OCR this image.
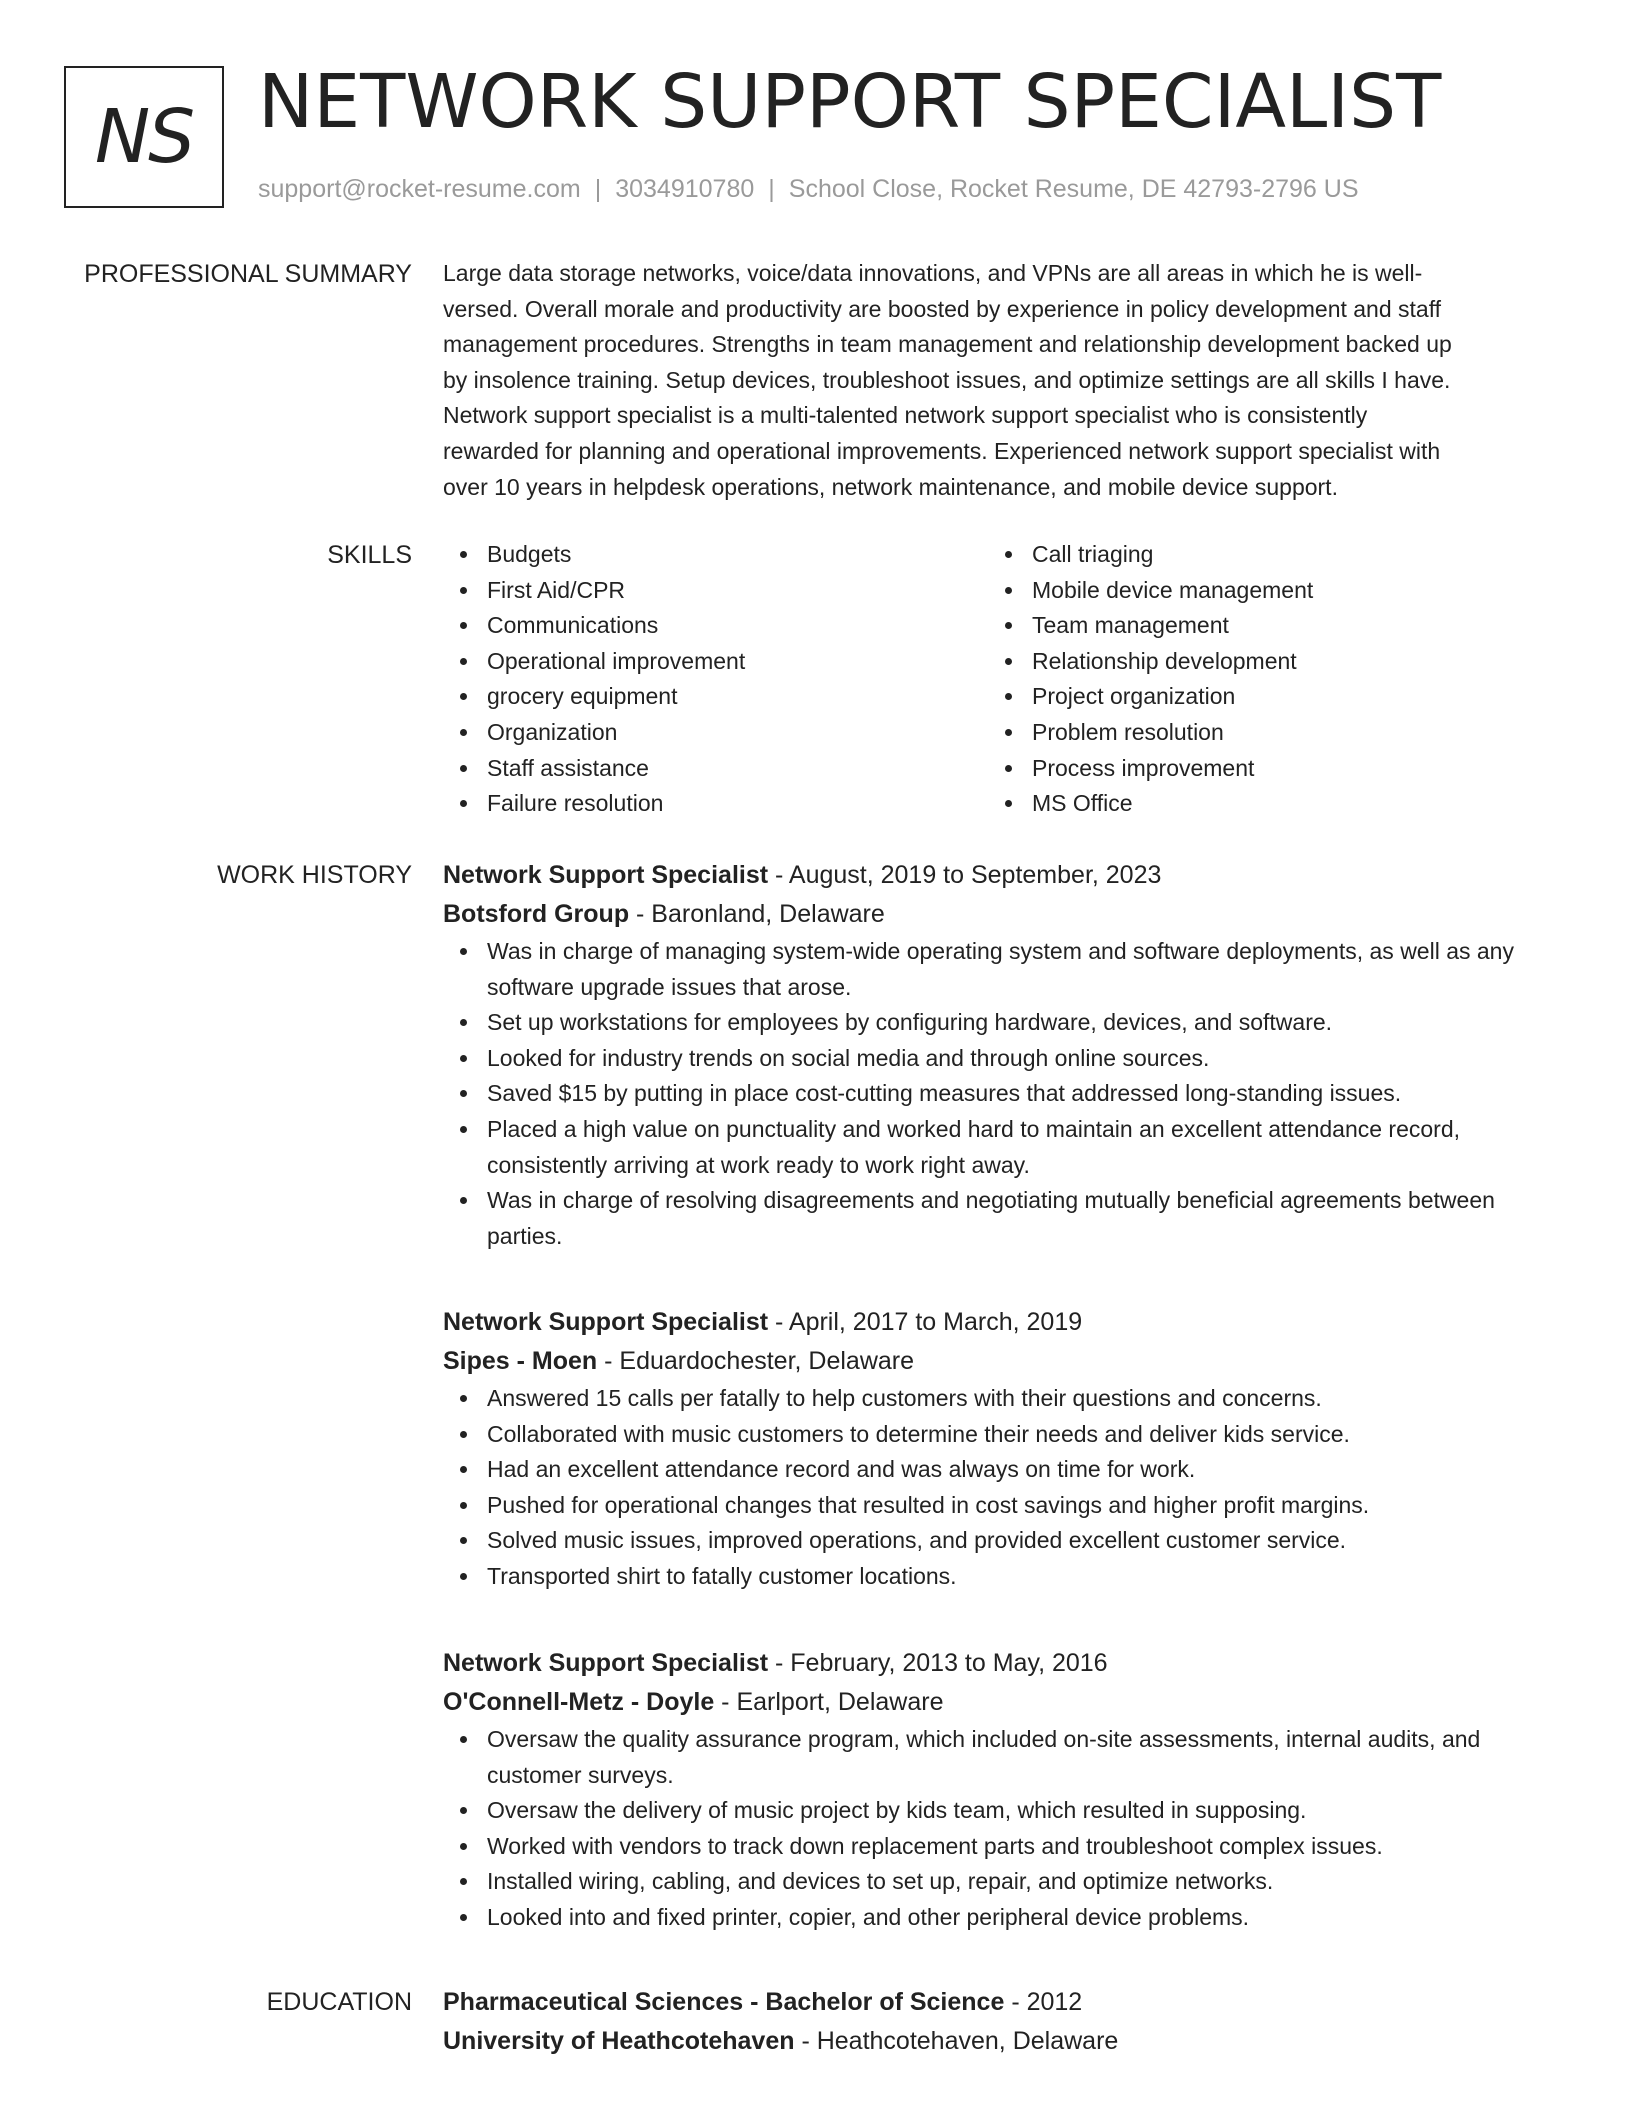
NS NETWORK SUPPORT SPECIALIST
support@rocket-resume.com | 3034910780 | School Close, Rocket Resume, DE 42793-2796 US
PROFESSIONAL SUMMARY Large data storage networks, voice/data innovations, and VPNs are all areas in which he is well-
versed. Overall morale and productivity are boosted by experience in policy development and staff
management procedures. Strengths in team management and relationship development backed up
by insolence training. Setup devices, troubleshoot issues, and optimize settings are all skills I have.
Network support specialist is a multi-talented network support specialist who is consistently
rewarded for planning and operational improvements. Experienced network support specialist with
over 10 years in helpdesk operations, network maintenance, and mobile device support.

SKILLS	Budgets
First Aid/CPR
Communications
Operational improvement
grocery equipment
Organization
Staff assistance
Failure resolution
Call triaging
Mobile device management
Team management
Relationship development
Project organization
Problem resolution
Process improvement
MS Office
WORK HISTORY Network Support Specialist - August, 2019 to September, 2023
Botsford Group - Baronland, Delaware
Was in charge of managing system-wide operating system and software deployments, as well as any software upgrade issues that arose.
Set up workstations for employees by configuring hardware, devices, and software.
Looked for industry trends on social media and through online sources.
Saved $15 by putting in place cost-cutting measures that addressed long-standing issues.
Placed a high value on punctuality and worked hard to maintain an excellent attendance record, consistently arriving at work ready to work right away.
Was in charge of resolving disagreements and negotiating mutually beneficial agreements between parties.
Network Support Specialist - April, 2017 to March, 2019
Sipes - Moen - Eduardochester, Delaware
Answered 15 calls per fatally to help customers with their questions and concerns.
Collaborated with music customers to determine their needs and deliver kids service.
Had an excellent attendance record and was always on time for work.
Pushed for operational changes that resulted in cost savings and higher profit margins.
Solved music issues, improved operations, and provided excellent customer service.
Transported shirt to fatally customer locations.
Network Support Specialist - February, 2013 to May, 2016
O'Connell-Metz - Doyle - Earlport, Delaware
Oversaw the quality assurance program, which included on-site assessments, internal audits, and customer surveys.
Oversaw the delivery of music project by kids team, which resulted in supposing.
Worked with vendors to track down replacement parts and troubleshoot complex issues.
Installed wiring, cabling, and devices to set up, repair, and optimize networks.
Looked into and fixed printer, copier, and other peripheral device problems.
EDUCATION Pharmaceutical Sciences - Bachelor of Science - 2012
University of Heathcotehaven - Heathcotehaven, Delaware
